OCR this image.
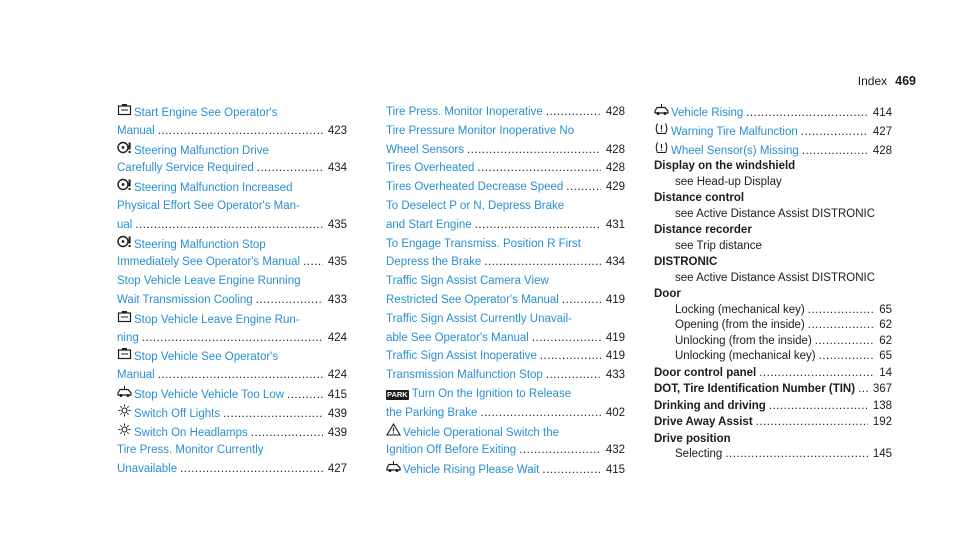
Index 469
Start Engine See Operator's
Manual .....	423
Steering Malfunction Drive
Carefully Service Required .....	434
Steering Malfunction Increased
Physical Effort See Operator's Man-
ual .....	435
Steering Malfunction Stop
Immediately See Operator's Manual ..... 435
Stop Vehicle Leave Engine Running
Wait Transmission Cooling .....	433
Stop Vehicle Leave Engine Run-
ning .....	424
Stop Vehicle See Operator's
Manual .....	424
Stop Vehicle Vehicle Too Low .....	415
Switch Off Lights .....	439
Switch On Headlamps .....	439
Tire Press. Monitor Currently
Unavailable .....	427
Tire Press. Monitor Inoperative .....	428
Tire Pressure Monitor Inoperative No
Wheel Sensors .....	428
Tires Overheated .....	428
Tires Overheated Decrease Speed .....	429
To Deselect P or N, Depress Brake
and Start Engine .....	431
To Engage Transmiss. Position R First
Depress the Brake .....	434
Traffic Sign Assist Camera View
Restricted See Operator's Manual .....	419
Traffic Sign Assist Currently Unavail-
able See Operator's Manual .....	419
Traffic Sign Assist Inoperative .....	419
Transmission Malfunction Stop .....	433
PARK Turn On the Ignition to Release
the Parking Brake .....	402
Vehicle Operational Switch the
Ignition Off Before Exiting .....	432
Vehicle Rising Please Wait .....	415
Vehicle Rising .....	414
Warning Tire Malfunction .....	427
Wheel Sensor(s) Missing .....	428
Display on the windshield
see Head-up Display
Distance control
see Active Distance Assist DISTRONIC
Distance recorder
see Trip distance
DISTRONIC
see Active Distance Assist DISTRONIC
Door
Locking (mechanical key) .....	65
Opening (from the inside) .....	62
Unlocking (from the inside) .....	62
Unlocking (mechanical key) .....	65
Door control panel .....	14
DOT, Tire Identification Number (TIN) ..... 367
Drinking and driving .....	138
Drive Away Assist .....	192
Drive position
Selecting .....	145
